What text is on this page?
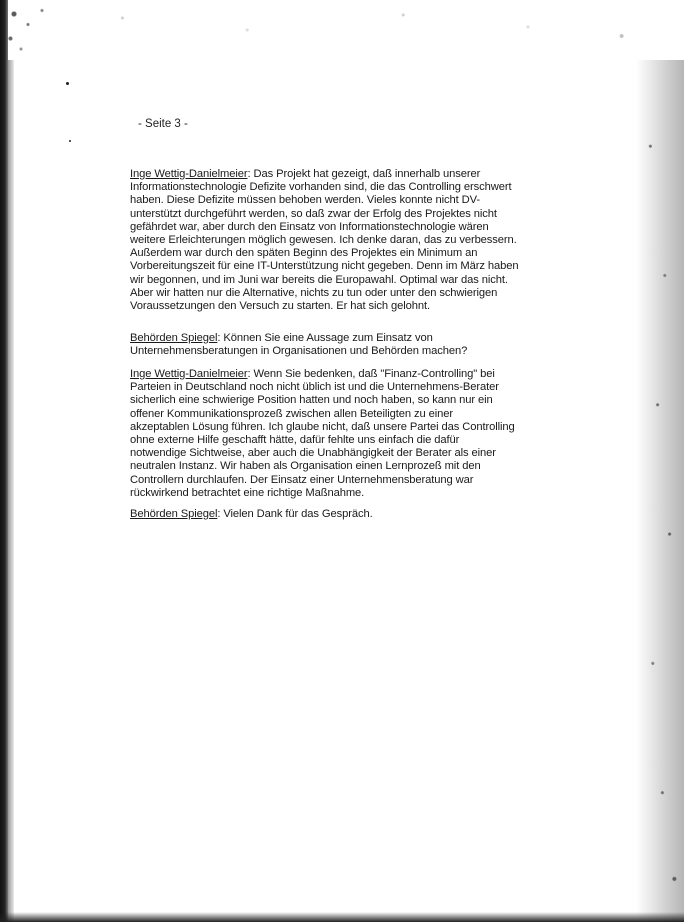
- Seite 3 -

Inge Wettig-Danielmeier: Das Projekt hat gezeigt, daß innerhalb unserer Informationstechnologie Defizite vorhanden sind, die das Controlling erschwert haben. Diese Defizite müssen behoben werden. Vieles konnte nicht DV-unterstützt durchgeführt werden, so daß zwar der Erfolg des Projektes nicht gefährdet war, aber durch den Einsatz von Informationstechnologie wären weitere Erleichterungen möglich gewesen. Ich denke daran, das zu verbessern. Außerdem war durch den späten Beginn des Projektes ein Minimum an Vorbereitungszeit für eine IT-Unterstützung nicht gegeben. Denn im März haben wir begonnen, und im Juni war bereits die Europawahl. Optimal war das nicht. Aber wir hatten nur die Alternative, nichts zu tun oder unter den schwierigen Voraussetzungen den Versuch zu starten. Er hat sich gelohnt.

Behörden Spiegel: Können Sie eine Aussage zum Einsatz von Unternehmensberatungen in Organisationen und Behörden machen?

Inge Wettig-Danielmeier: Wenn Sie bedenken, daß "Finanz-Controlling" bei Parteien in Deutschland noch nicht üblich ist und die Unternehmens-Berater sicherlich eine schwierige Position hatten und noch haben, so kann nur ein offener Kommunikationsprozeß zwischen allen Beteiligten zu einer akzeptablen Lösung führen. Ich glaube nicht, daß unsere Partei das Controlling ohne externe Hilfe geschafft hätte, dafür fehlte uns einfach die dafür notwendige Sichtweise, aber auch die Unabhängigkeit der Berater als einer neutralen Instanz. Wir haben als Organisation einen Lernprozeß mit den Controllern durchlaufen. Der Einsatz einer Unternehmensberatung war rückwirkend betrachtet eine richtige Maßnahme.

Behörden Spiegel: Vielen Dank für das Gespräch.
